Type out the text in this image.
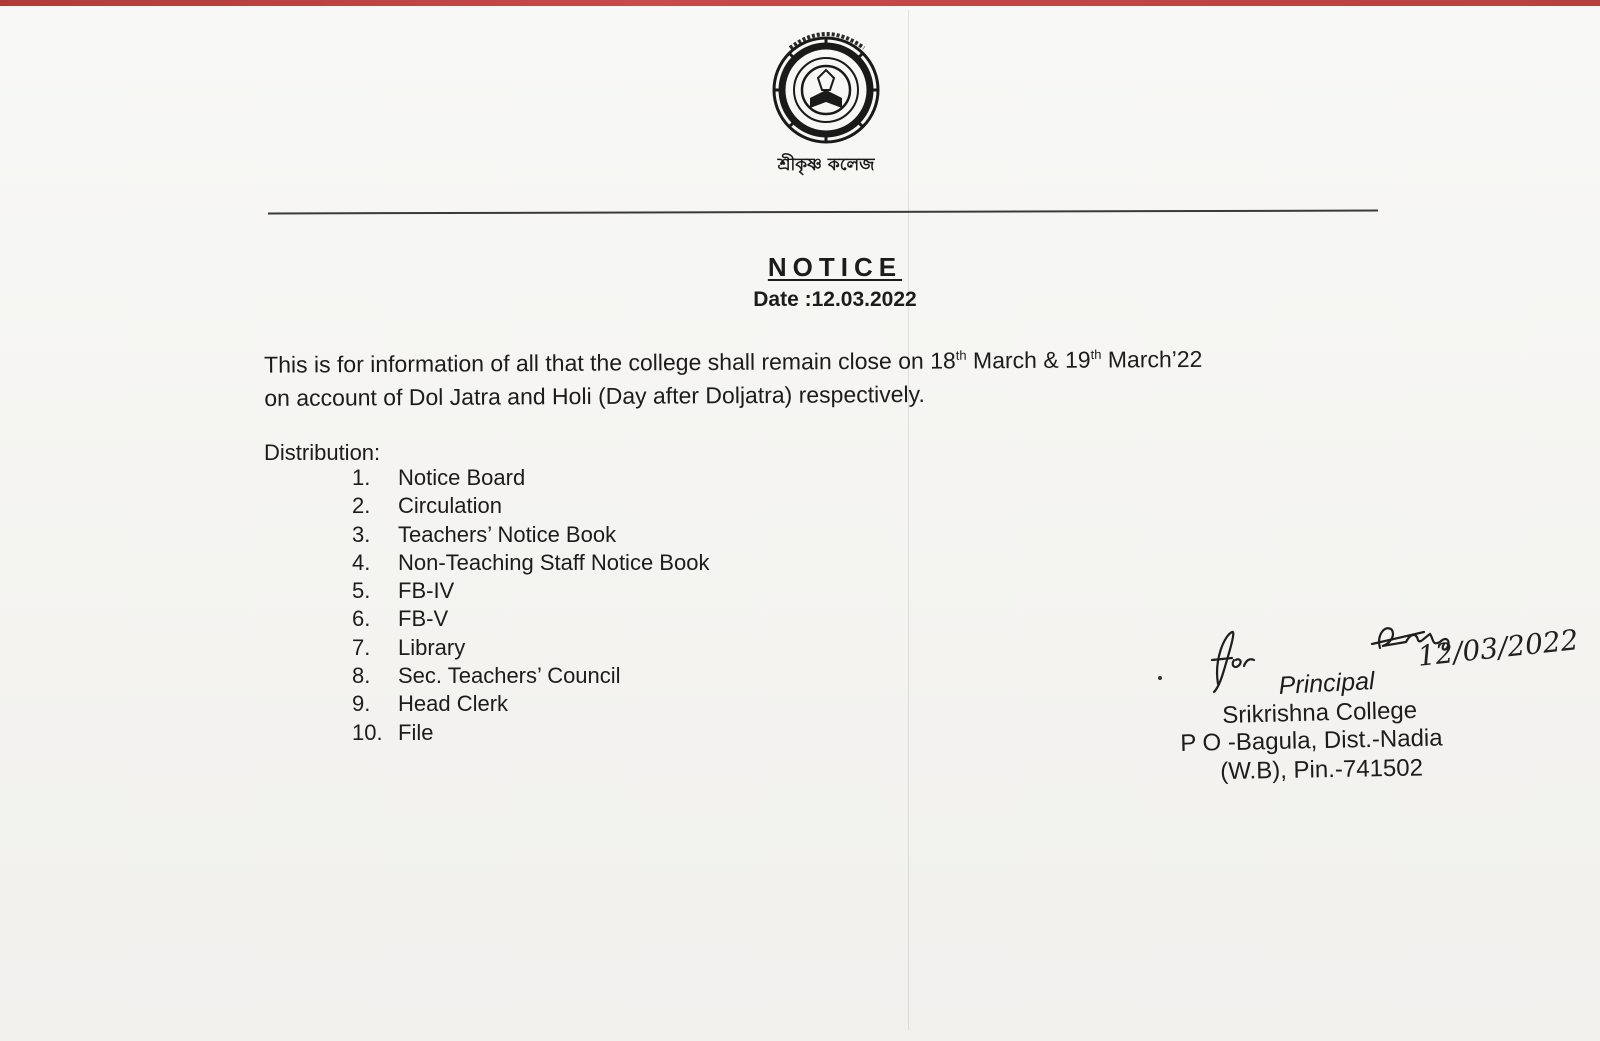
শ্রীকৃষ্ণ কলেজ
NOTICE
Date :12.03.2022
This is for information of all that the college shall remain close on 18th March & 19th March’22
on account of Dol Jatra and Holi (Day after Doljatra) respectively.
Distribution:
1. Notice Board
2. Circulation
3. Teachers’ Notice Book
4. Non-Teaching Staff Notice Book
5. FB-IV
6. FB-V
7. Library
8. Sec. Teachers’ Council
9. Head Clerk
10. File
Principal
12/03/2022
Srikrishna College
P O -Bagula, Dist.-Nadia
(W.B), Pin.-741502
